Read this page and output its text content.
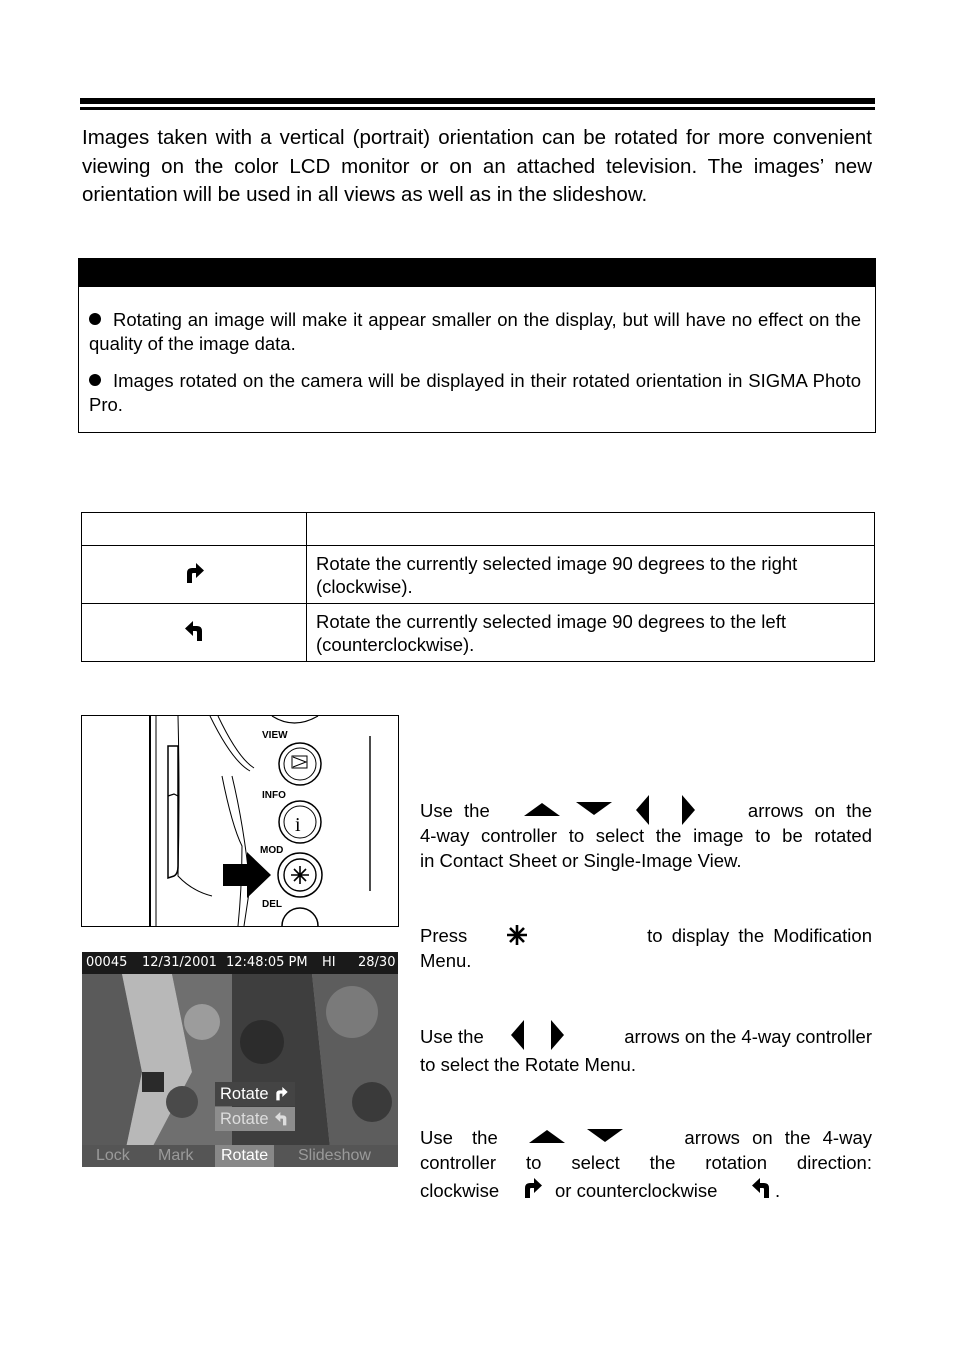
Images taken with a vertical (portrait) orientation can be rotated for more convenient viewing on the color LCD monitor or on an attached television. The images’ new orientation will be used in all views as well as in the slideshow.
Rotating an image will make it appear smaller on the display, but will have no effect on the quality of the image data.
Images rotated on the camera will be displayed in their rotated orientation in SIGMA Photo Pro.

	Rotate the currently selected image 90 degrees to the right (clockwise).
	Rotate the currently selected image 90 degrees to the left (counterclockwise).
i
VIEW
INFO
MOD
DEL
00045 12/31/2001 12:48:05 PM HI 28/30
Rotate
Rotate
Lock Mark	Rotate	Slideshow
Use the	arrows on the
4-way controller to select the image to be rotated
in Contact Sheet or Single-Image View.
Press	to display the Modification
Menu.
Use the	arrows on the 4-way controller
to select the Rotate Menu.
Use the	arrows on the 4-way
controller to select the rotation direction:
clockwise	or counterclockwise	.
